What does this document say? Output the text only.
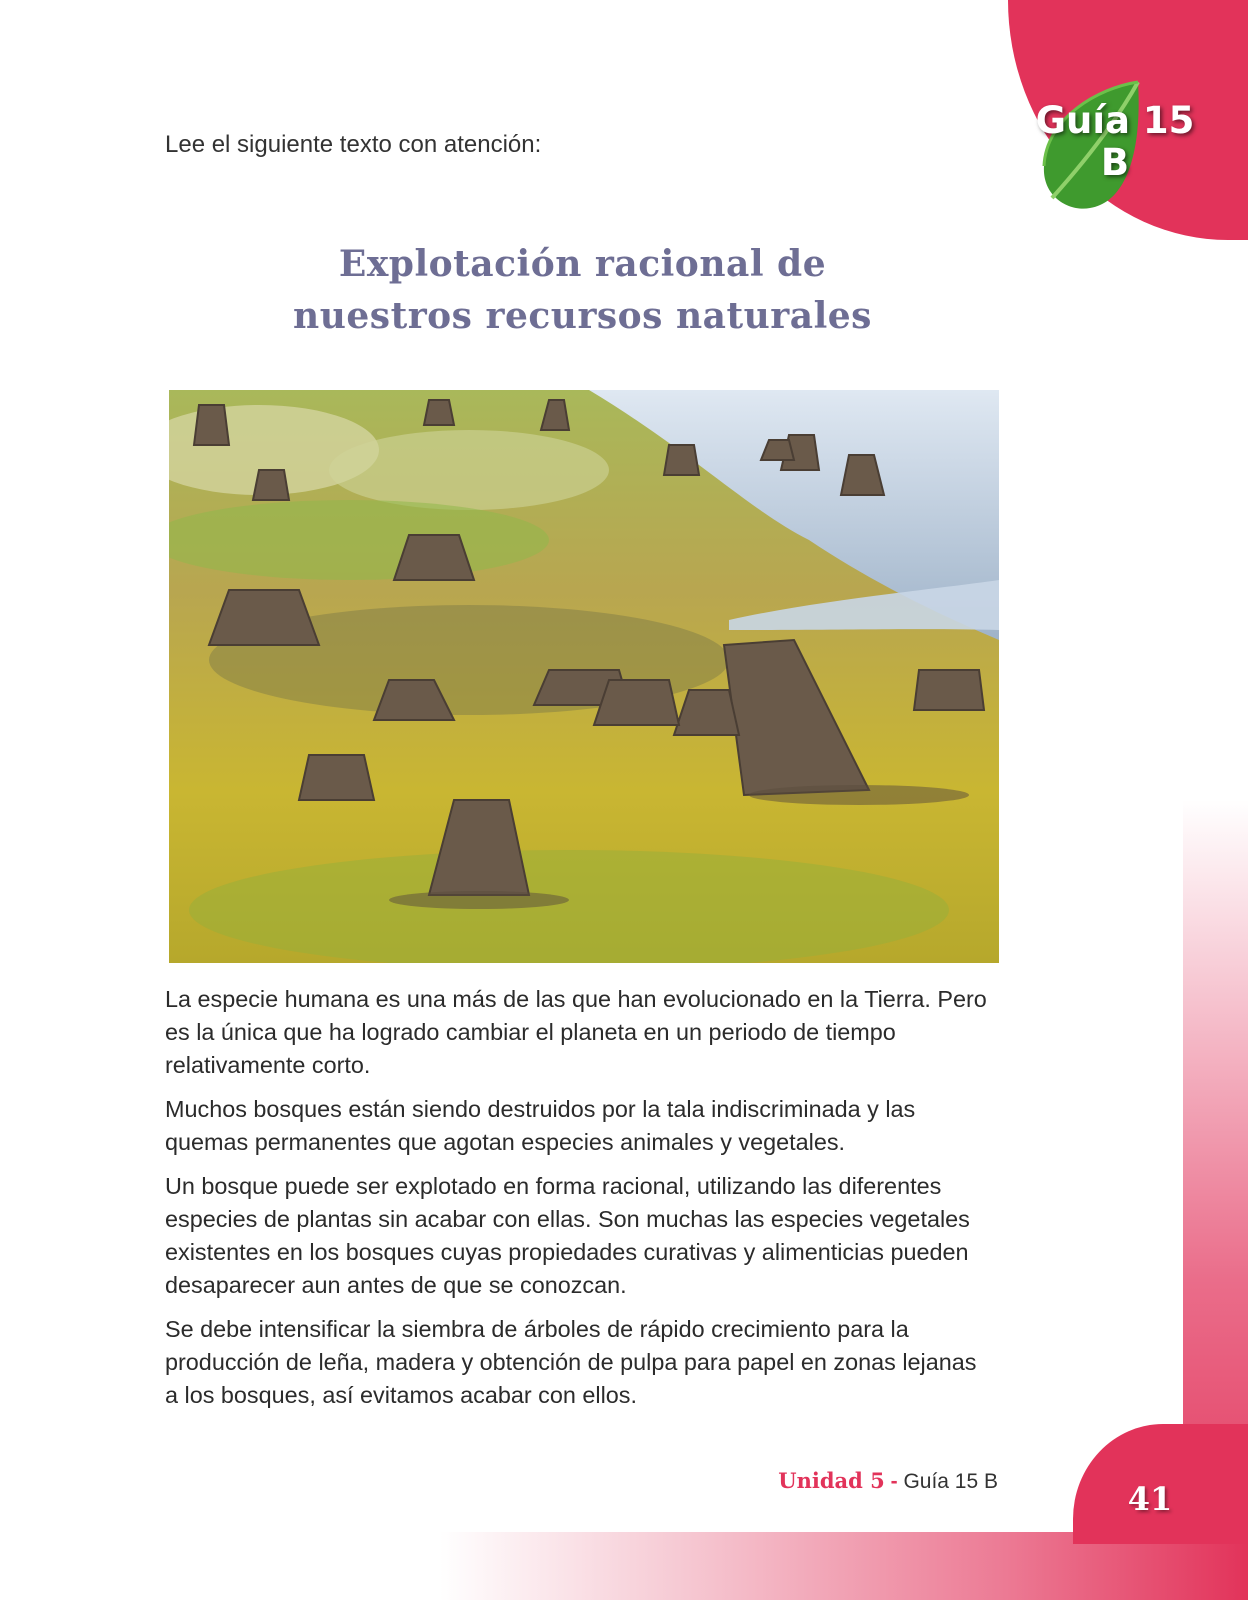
Guía 15
B
Lee el siguiente texto con atención:
Explotación racional de
nuestros recursos naturales

La especie humana es una más de las que han evolucionado en la Tierra. Pero es la única que ha logrado cambiar el planeta en un periodo de tiempo relativamente corto.

Muchos bosques están siendo destruidos por la tala indiscriminada y las quemas permanentes que agotan especies animales y vegetales.

Un bosque puede ser explotado en forma racional, utilizando las diferentes especies de plantas sin acabar con ellas. Son muchas las especies vegetales existentes en los bosques cuyas propiedades curativas y alimenticias pueden desaparecer aun antes de que se conozcan.

Se debe intensificar la siembra de árboles de rápido crecimiento para la producción de leña, madera y obtención de pulpa para papel en zonas lejanas a los bosques, así evitamos acabar con ellos.

Unidad 5 - Guía 15 B	41
